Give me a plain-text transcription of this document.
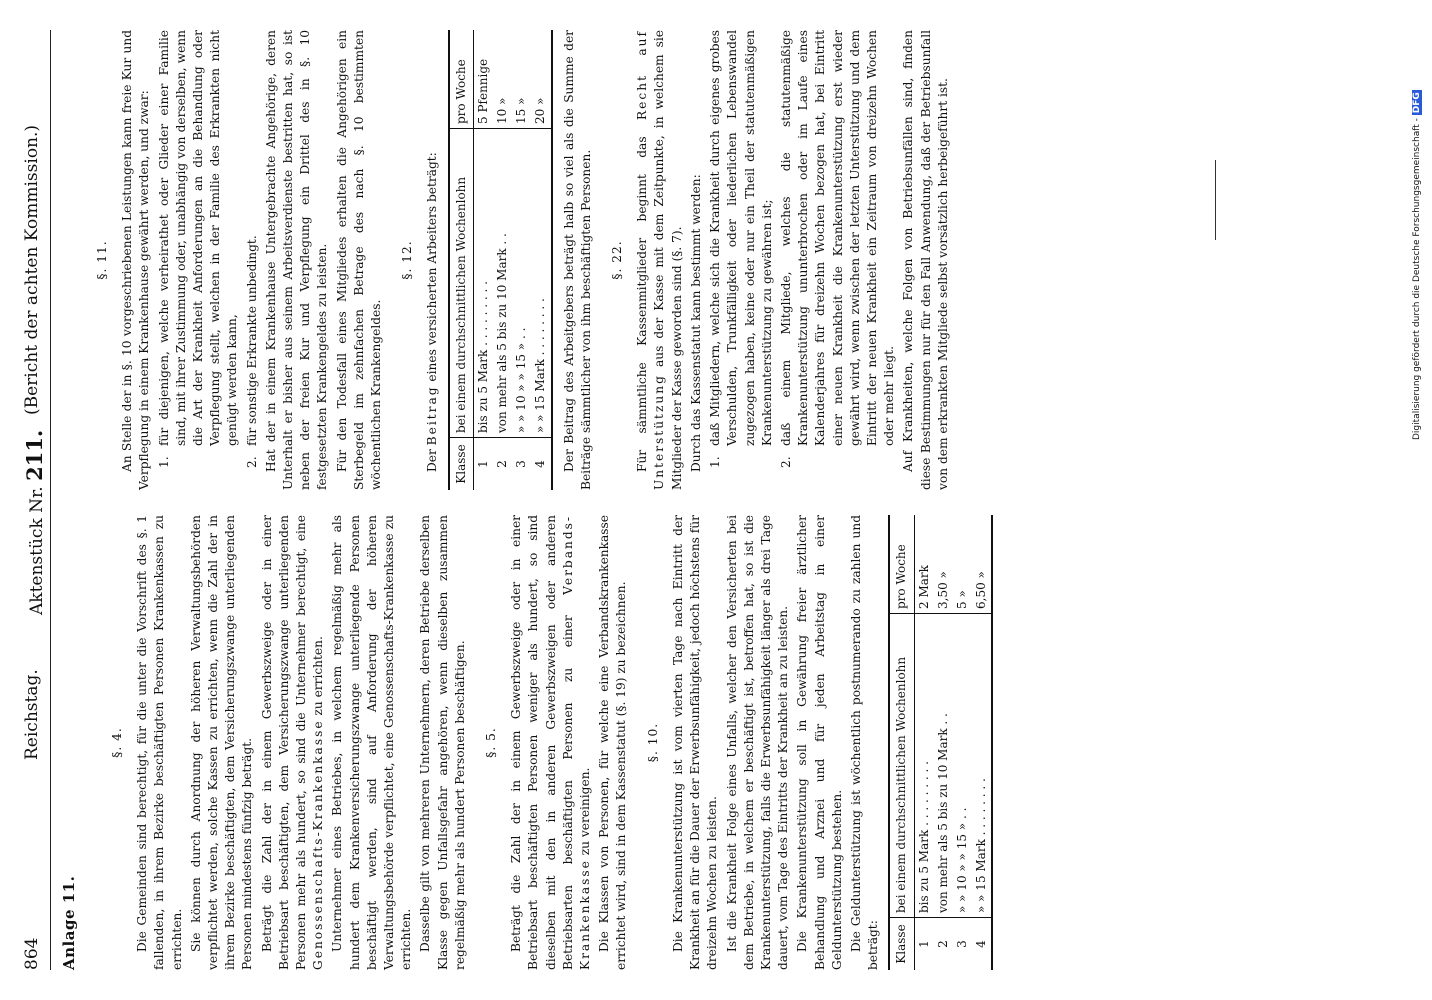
864
Reichstag.
Aktenstück Nr. 211.
(Bericht der achten Kommission.)
Anlage 11.

§. 4. Die Gemeinden sind berechtigt, für die unter die Vorschrift des §. 1 fallenden, in ihrem Bezirke beschäftigten Personen Krankenkassen zu errichten. Sie können durch Anordnung der höheren Verwaltungsbehörden verpflichtet werden, solche Kassen zu errichten, wenn die Zahl der in ihrem Bezirke beschäftigten, dem Versicherungszwange unterliegenden Personen mindestens fünfzig beträgt. Beträgt die Zahl der in einem Gewerbszweige oder in einer Betriebsart beschäftigten, dem Versicherungszwange unterliegenden Personen mehr als hundert, so sind die Unternehmer berechtigt, eine Genossenschafts-Krankenkasse zu errichten. Unternehmer eines Betriebes, in welchem regelmäßig mehr als hundert dem Krankenversicherungszwange unterliegende Personen beschäftigt werden, sind auf Anforderung der höheren Verwaltungsbehörde verpflichtet, eine Genossenschafts-Krankenkasse zu errichten. Dasselbe gilt von mehreren Unternehmern, deren Betriebe derselben Klasse gegen Unfallsgefahr angehören, wenn dieselben zusammen regelmäßig mehr als hundert Personen beschäftigen. §. 5. Beträgt die Zahl der in einem Gewerbszweige oder in einer Betriebsart beschäftigten Personen weniger als hundert, so sind dieselben mit den in anderen Gewerbszweigen oder anderen Betriebsarten beschäftigten Personen zu einer Verbands-Krankenkasse zu vereinigen. Die Klassen von Personen, für welche eine Verbandskrankenkasse errichtet wird, sind in dem Kassenstatut (§. 19) zu bezeichnen. §. 10. Die Krankenunterstützung ist vom vierten Tage nach Eintritt der Krankheit an für die Dauer der Erwerbsunfähigkeit, jedoch höchstens für dreizehn Wochen zu leisten. Ist die Krankheit Folge eines Unfalls, welcher den Versicherten bei dem Betriebe, in welchem er beschäftigt ist, betroffen hat, so ist die Krankenunterstützung, falls die Erwerbsunfähigkeit länger als drei Tage dauert, vom Tage des Eintritts der Krankheit an zu leisten. Die Krankenunterstützung soll in Gewährung freier ärztlicher Behandlung und Arznei und für jeden Arbeitstag in einer Geldunterstützung bestehen. Die Geldunterstützung ist wöchentlich postnumerando zu zahlen und beträgt: Klasse	bei einem durchschnittlichen Wochenlohn	pro Woche
1	bis zu 5 Mark . . . . . . . . .	2 Mark
2	von mehr als 5 bis zu 10 Mark . .	3,50 »
3	» » 10 » » 15 » . .	5 »
4	» » 15 Mark . . . . . . . .	6,50 »

§. 11. An Stelle der in §. 10 vorgeschriebenen Leistungen kann freie Kur und Verpflegung in einem Krankenhause gewährt werden, und zwar: 1.
für diejenigen, welche verheirathet oder Glieder einer Familie sind, mit ihrer Zustimmung oder, unabhängig von derselben, wenn die Art der Krankheit Anforderungen an die Behandlung oder Verpflegung stellt, welchen in der Familie des Erkrankten nicht genügt werden kann,

2.
für sonstige Erkrankte unbedingt. Hat der in einem Krankenhause Untergebrachte Angehörige, deren Unterhalt er bisher aus seinem Arbeitsverdienste bestritten hat, so ist neben der freien Kur und Verpflegung ein Drittel des in §. 10 festgesetzten Krankengeldes zu leisten. Für den Todesfall eines Mitgliedes erhalten die Angehörigen ein Sterbegeld im zehnfachen Betrage des nach §. 10 bestimmten wöchentlichen Krankengeldes.

§. 12.

Der Beitrag eines versicherten Arbeiters beträgt:

Klasse	bei einem durchschnittlichen Wochenlohn	pro Woche
1	bis zu 5 Mark . . . . . . . . .	5 Pfennige
2	von mehr als 5 bis zu 10 Mark . .	10 »
3	» » 10 » » 15 » . .	15 »
4	» » 15 Mark . . . . . . . .	20 » Der Beitrag des Arbeitgebers beträgt halb so viel als die Summe der Beiträge sämmtlicher von ihm beschäftigten Personen. §. 22. Für sämmtliche Kassenmitglieder beginnt das Recht auf Unterstützung aus der Kasse mit dem Zeitpunkte, in welchem sie Mitglieder der Kasse geworden sind (§. 7). Durch das Kassenstatut kann bestimmt werden: 1.
daß Mitgliedern, welche sich die Krankheit durch eigenes grobes Verschulden, Trunkfälligkeit oder liederlichen Lebenswandel zugezogen haben, keine oder nur ein Theil der statutenmäßigen Krankenunterstützung zu gewähren ist;

2.
daß einem Mitgliede, welches die statutenmäßige Krankenunterstützung ununterbrochen oder im Laufe eines Kalenderjahres für dreizehn Wochen bezogen hat, bei Eintritt einer neuen Krankheit die Krankenunterstützung erst wieder gewährt wird, wenn zwischen der letzten Unterstützung und dem Eintritt der neuen Krankheit ein Zeitraum von dreizehn Wochen oder mehr liegt. Auf Krankheiten, welche Folgen von Betriebsunfällen sind, finden diese Bestimmungen nur für den Fall Anwendung, daß der Betriebsunfall von dem erkrankten Mitgliede selbst vorsätzlich herbeigeführt ist.	Digitalisierung gefördert durch die Deutsche Forschungsgemeinschaft - DFG
